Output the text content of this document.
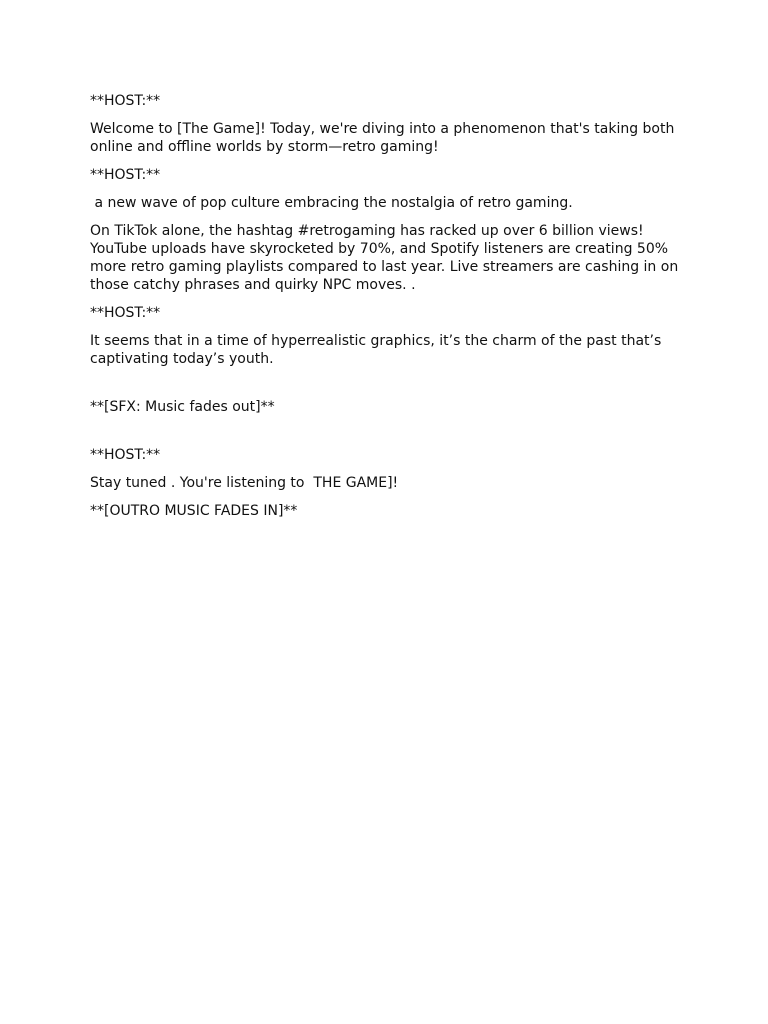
**HOST:**

Welcome to [The Game]! Today, we're diving into a phenomenon that's taking both online and offline worlds by storm—retro gaming!

**HOST:**

a new wave of pop culture embracing the nostalgia of retro gaming.

On TikTok alone, the hashtag #retrogaming has racked up over 6 billion views! YouTube uploads have skyrocketed by 70%, and Spotify listeners are creating 50% more retro gaming playlists compared to last year. Live streamers are cashing in on those catchy phrases and quirky NPC moves. .

**HOST:**

It seems that in a time of hyperrealistic graphics, it’s the charm of the past that’s captivating today’s youth.

**[SFX: Music fades out]**

**HOST:**

Stay tuned . You're listening to  THE GAME]!

**[OUTRO MUSIC FADES IN]**
